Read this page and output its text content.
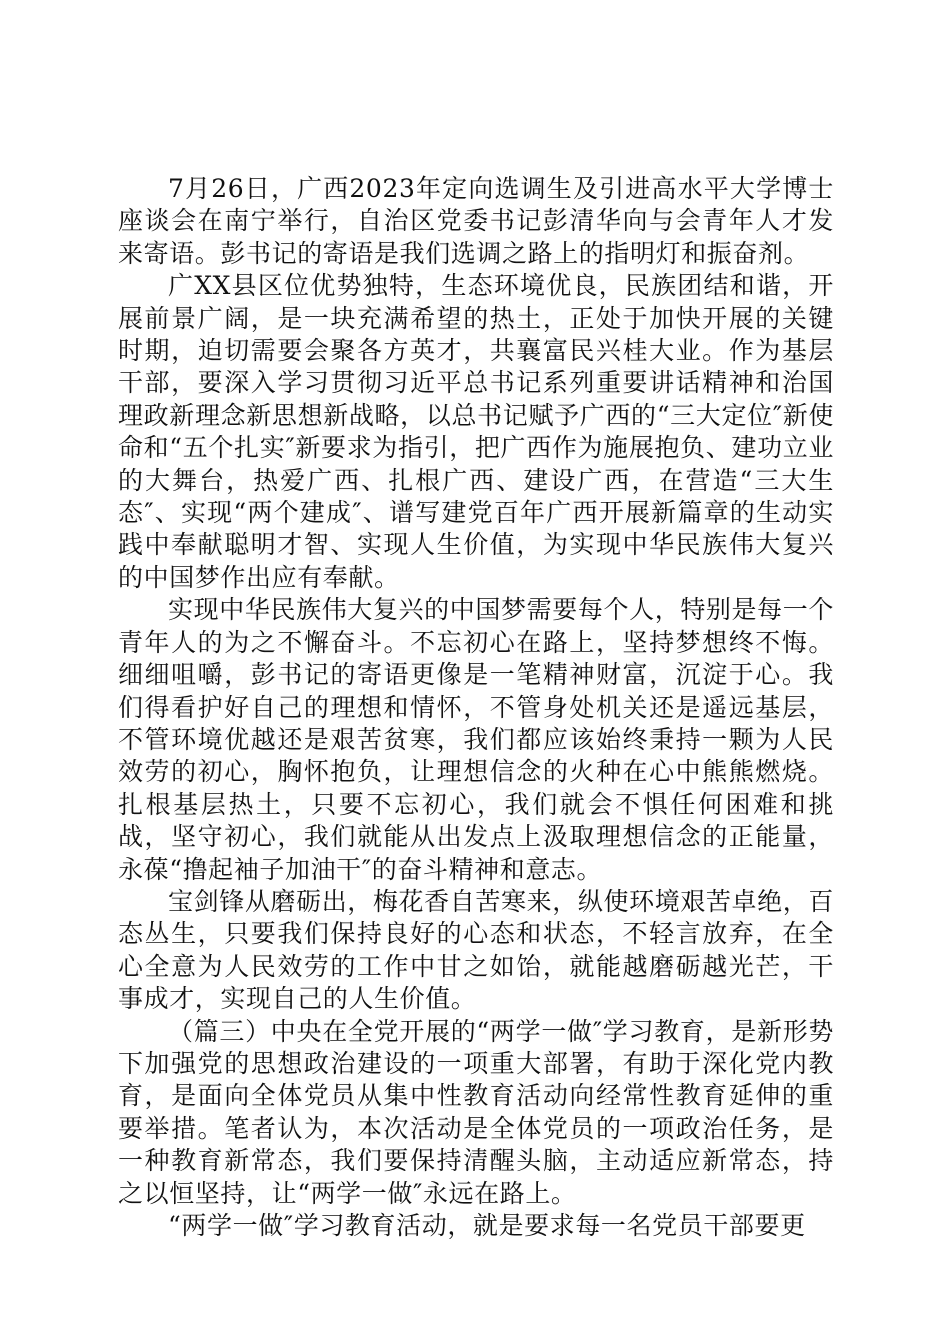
7月26日，广西2023年定向选调生及引进高水平大学博士座谈会在南宁举行，自治区党委书记彭清华向与会青年人才发来寄语。彭书记的寄语是我们选调之路上的指明灯和振奋剂。

广XX县区位优势独特，生态环境优良，民族团结和谐，开展前景广阔，是一块充满希望的热土，正处于加快开展的关键时期，迫切需要会聚各方英才，共襄富民兴桂大业。作为基层干部，要深入学习贯彻习近平总书记系列重要讲话精神和治国理政新理念新思想新战略，以总书记赋予广西的“三大定位″新使命和“五个扎实″新要求为指引，把广西作为施展抱负、建功立业的大舞台，热爱广西、扎根广西、建设广西，在营造“三大生态″、实现“两个建成″、谱写建党百年广西开展新篇章的生动实践中奉献聪明才智、实现人生价值，为实现中华民族伟大复兴的中国梦作出应有奉献。

实现中华民族伟大复兴的中国梦需要每个人，特别是每一个青年人的为之不懈奋斗。不忘初心在路上，坚持梦想终不悔。细细咀嚼，彭书记的寄语更像是一笔精神财富，沉淀于心。我们得看护好自己的理想和情怀，不管身处机关还是遥远基层，不管环境优越还是艰苦贫寒，我们都应该始终秉持一颗为人民效劳的初心，胸怀抱负，让理想信念的火种在心中熊熊燃烧。扎根基层热土，只要不忘初心，我们就会不惧任何困难和挑战，坚守初心，我们就能从出发点上汲取理想信念的正能量，永葆“撸起袖子加油干″的奋斗精神和意志。

宝剑锋从磨砺出，梅花香自苦寒来，纵使环境艰苦卓绝，百态丛生，只要我们保持良好的心态和状态，不轻言放弃，在全心全意为人民效劳的工作中甘之如饴，就能越磨砺越光芒，干事成才，实现自己的人生价值。

（篇三）中央在全党开展的“两学一做″学习教育，是新形势下加强党的思想政治建设的一项重大部署，有助于深化党内教育，是面向全体党员从集中性教育活动向经常性教育延伸的重要举措。笔者认为，本次活动是全体党员的一项政治任务，是一种教育新常态，我们要保持清醒头脑，主动适应新常态，持之以恒坚持，让“两学一做″永远在路上。

“两学一做″学习教育活动，就是要求每一名党员干部要更
